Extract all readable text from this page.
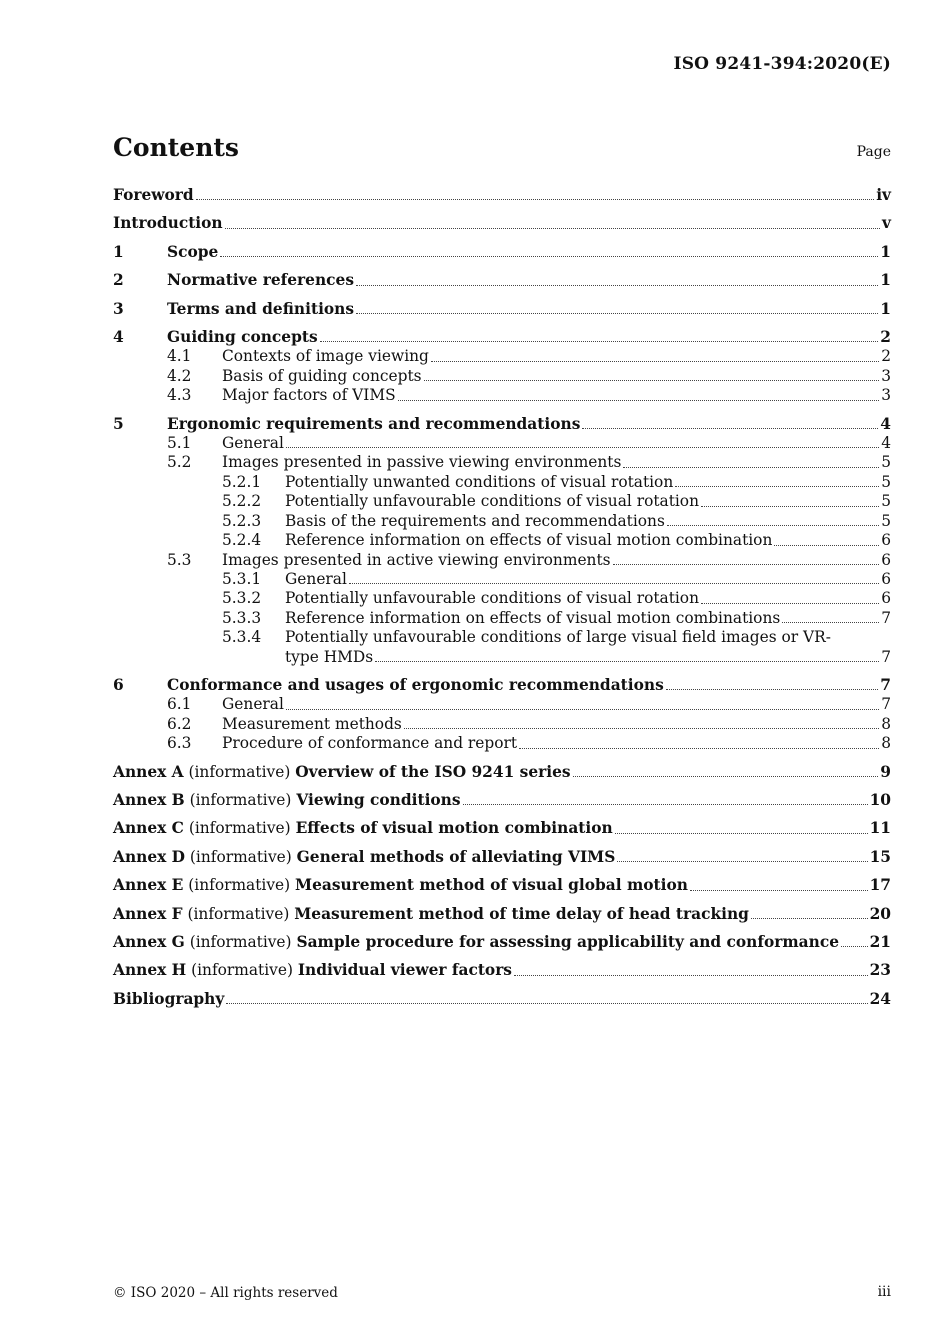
ISO 9241-394:2020(E)
Contents	Page
Foreword	iv
Introduction	v
1	Scope	1
2	Normative references	1
3	Terms and definitions	1
4	Guiding concepts	2
4.1	Contexts of image viewing	2
4.2	Basis of guiding concepts	3
4.3	Major factors of VIMS	3
5	Ergonomic requirements and recommendations	4
5.1	General	4
5.2	Images presented in passive viewing environments	5
5.2.1	Potentially unwanted conditions of visual rotation	5
5.2.2	Potentially unfavourable conditions of visual rotation	5
5.2.3	Basis of the requirements and recommendations	5
5.2.4	Reference information on effects of visual motion combination	6
5.3	Images presented in active viewing environments	6
5.3.1	General	6
5.3.2	Potentially unfavourable conditions of visual rotation	6
5.3.3	Reference information on effects of visual motion combinations	7
5.3.4	Potentially unfavourable conditions of large visual field images or VR-
type HMDs	7
6	Conformance and usages of ergonomic recommendations	7
6.1	General	7
6.2	Measurement methods	8
6.3	Procedure of conformance and report	8
Annex A (informative) Overview of the ISO 9241 series	9
Annex B (informative) Viewing conditions	10
Annex C (informative) Effects of visual motion combination	11
Annex D (informative) General methods of alleviating VIMS	15
Annex E (informative) Measurement method of visual global motion	17
Annex F (informative) Measurement method of time delay of head tracking	20
Annex G (informative) Sample procedure for assessing applicability and conformance 21
Annex H (informative) Individual viewer factors	23
Bibliography	24
© ISO 2020 – All rights reserved	iii
